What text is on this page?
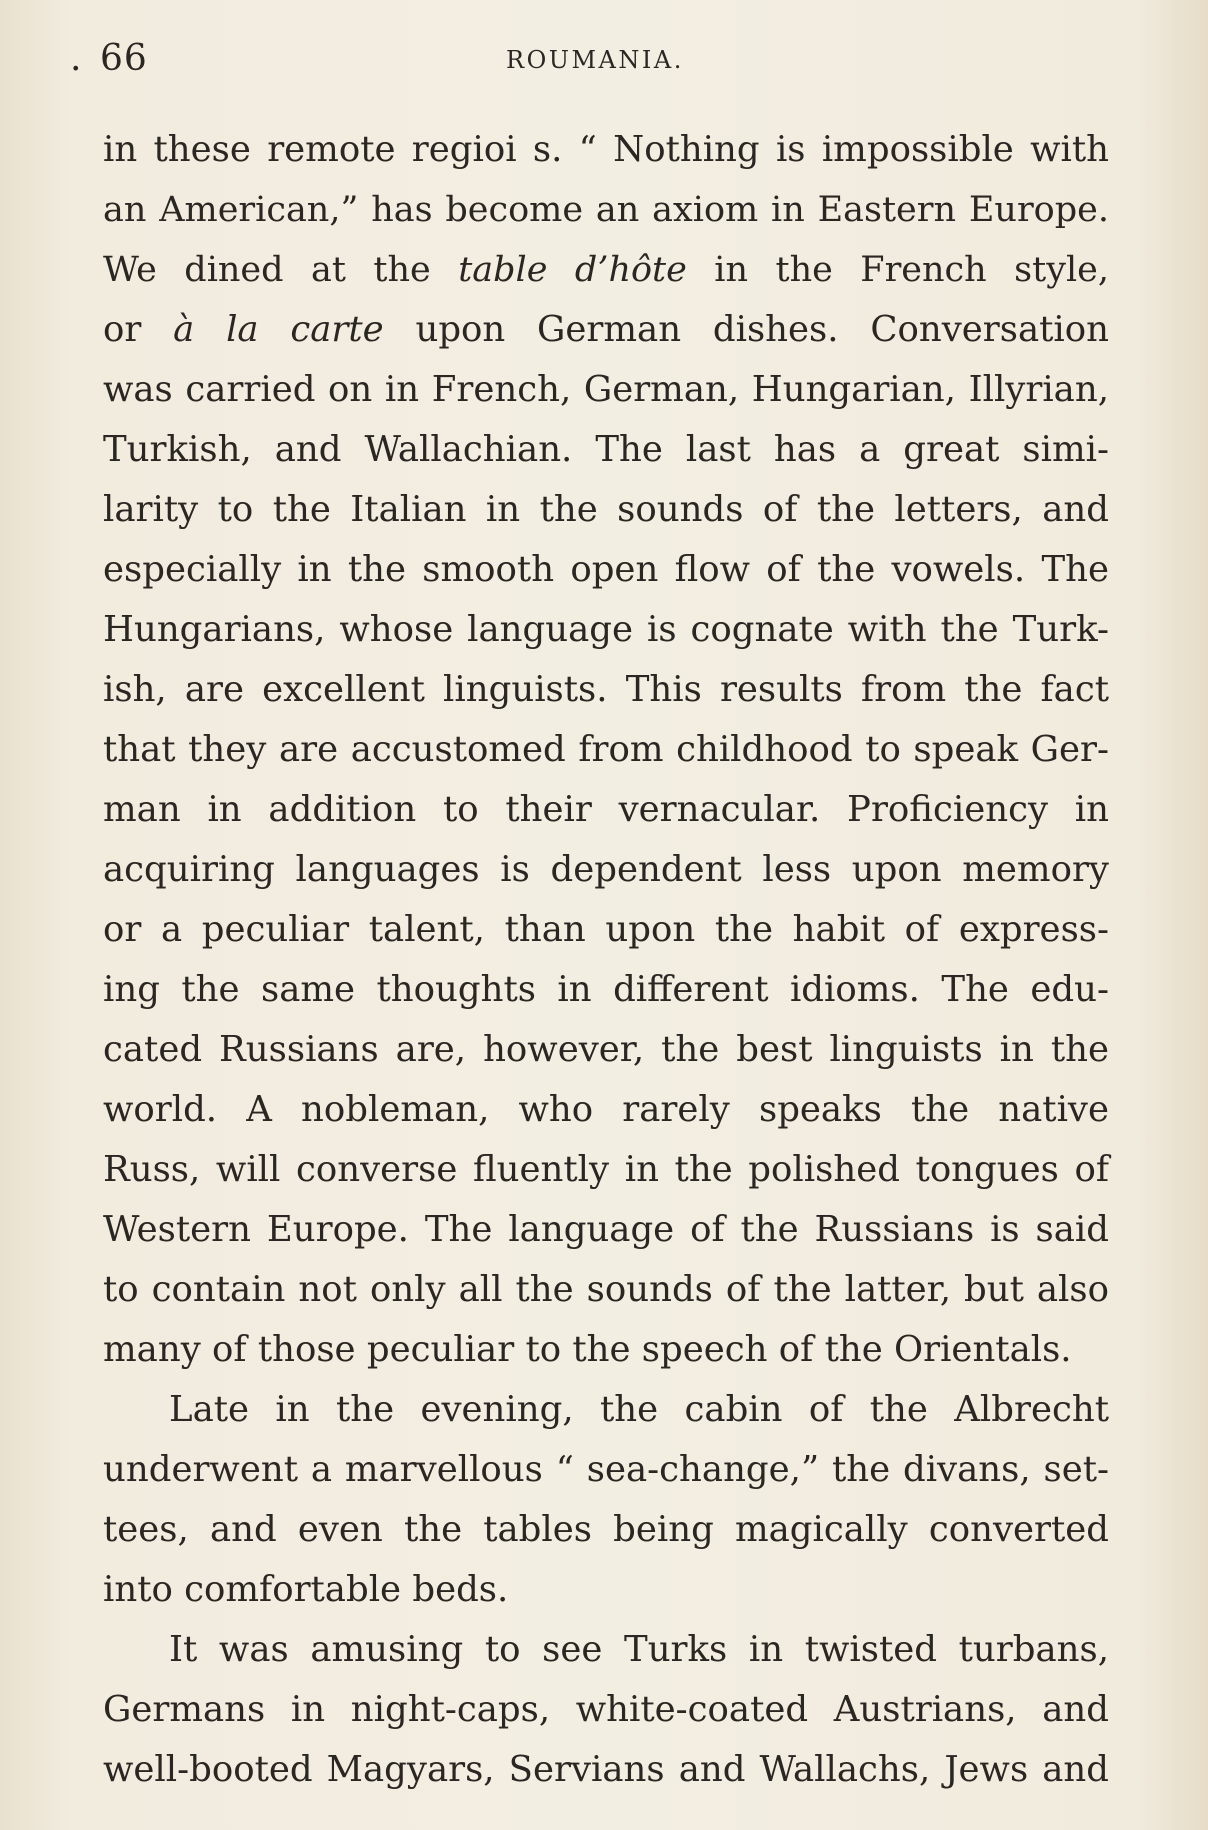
. 66	ROUMANIA.
in these remote regioi s. “ Nothing is impossible with
an American,” has become an axiom in Eastern Europe.
We dined at the table d’hôte in the French style,
or à la carte upon German dishes. Conversation
was carried on in French, German, Hungarian, Illyrian,
Turkish, and Wallachian. The last has a great simi-
larity to the Italian in the sounds of the letters, and
especially in the smooth open flow of the vowels. The
Hungarians, whose language is cognate with the Turk-
ish, are excellent linguists. This results from the fact
that they are accustomed from childhood to speak Ger-
man in addition to their vernacular. Proficiency in
acquiring languages is dependent less upon memory
or a peculiar talent, than upon the habit of express-
ing the same thoughts in different idioms. The edu-
cated Russians are, however, the best linguists in the
world. A nobleman, who rarely speaks the native
Russ, will converse fluently in the polished tongues of
Western Europe. The language of the Russians is said
to contain not only all the sounds of the latter, but also
many of those peculiar to the speech of the Orientals.
Late in the evening, the cabin of the Albrecht
underwent a marvellous “ sea-change,” the divans, set-
tees, and even the tables being magically converted
into comfortable beds.
It was amusing to see Turks in twisted turbans,
Germans in night-caps, white-coated Austrians, and
well-booted Magyars, Servians and Wallachs, Jews and
